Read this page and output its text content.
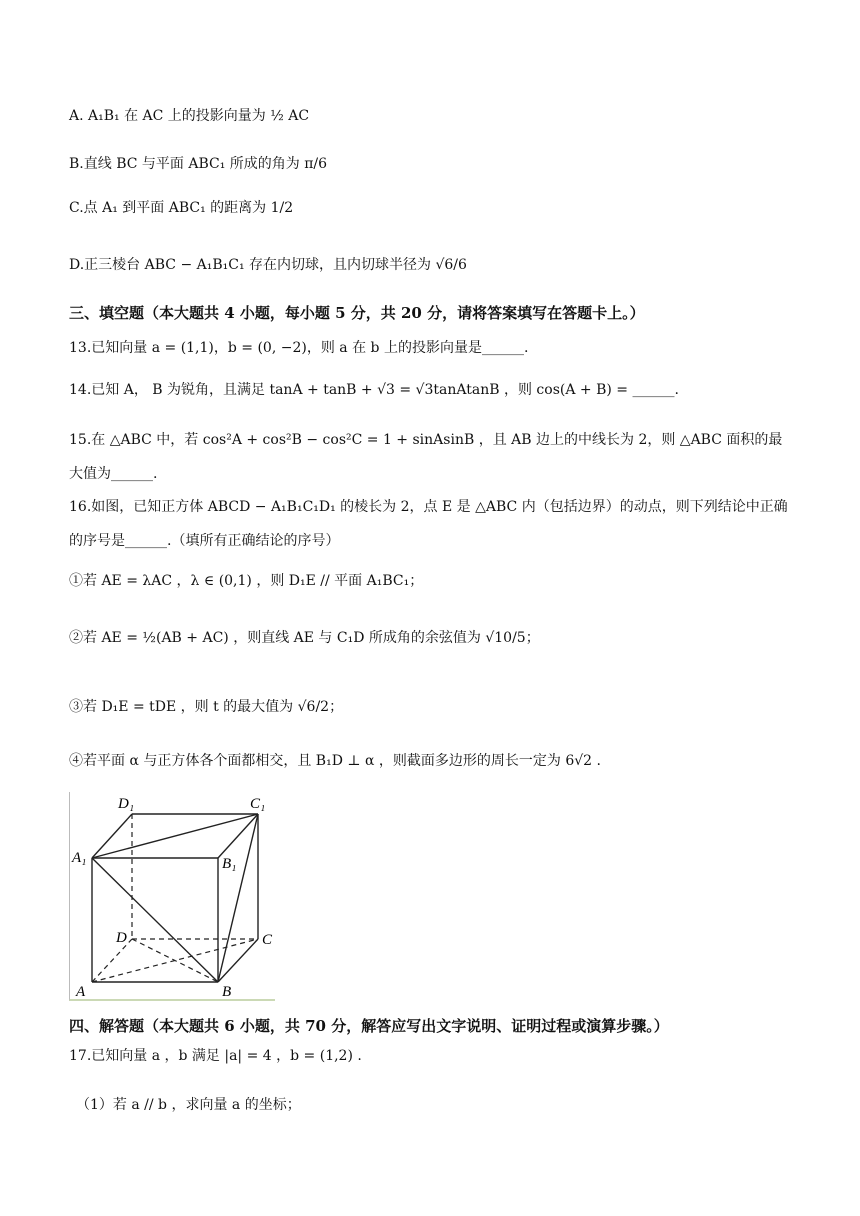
A. A₁B₁ 在 AC 上的投影向量为 ½ AC
B.直线 BC 与平面 ABC₁ 所成的角为 π/6
C.点 A₁ 到平面 ABC₁ 的距离为 1/2
D.正三棱台 ABC − A₁B₁C₁ 存在内切球，且内切球半径为 √6/6
三、填空题（本大题共 4 小题，每小题 5 分，共 20 分，请将答案填写在答题卡上。）
13.已知向量 a = (1,1)，b = (0, −2)，则 a 在 b 上的投影向量是______.
14.已知 A， B 为锐角，且满足 tanA + tanB + √3 = √3tanAtanB ，则 cos(A + B) = ______.
15.在 △ABC 中，若 cos²A + cos²B − cos²C = 1 + sinAsinB ，且 AB 边上的中线长为 2，则 △ABC 面积的最大值为______.
16.如图，已知正方体 ABCD − A₁B₁C₁D₁ 的棱长为 2，点 E 是 △ABC 内（包括边界）的动点，则下列结论中正确的序号是______.（填所有正确结论的序号）
①若 AE = λAC ，λ ∈ (0,1) ，则 D₁E // 平面 A₁BC₁；
②若 AE = ½(AB + AC) ，则直线 AE 与 C₁D 所成角的余弦值为 √10/5；
③若 D₁E = tDE ，则 t 的最大值为 √6/2；
④若平面 α 与正方体各个面都相交，且 B₁D ⊥ α ，则截面多边形的周长一定为 6√2 .
D₁	C₁
A₁	B₁
D	C
A	B
四、解答题（本大题共 6 小题，共 70 分，解答应写出文字说明、证明过程或演算步骤。）
17.已知向量 a ，b 满足 |a| = 4 ，b = (1,2) .
（1）若 a // b ，求向量 a 的坐标；
